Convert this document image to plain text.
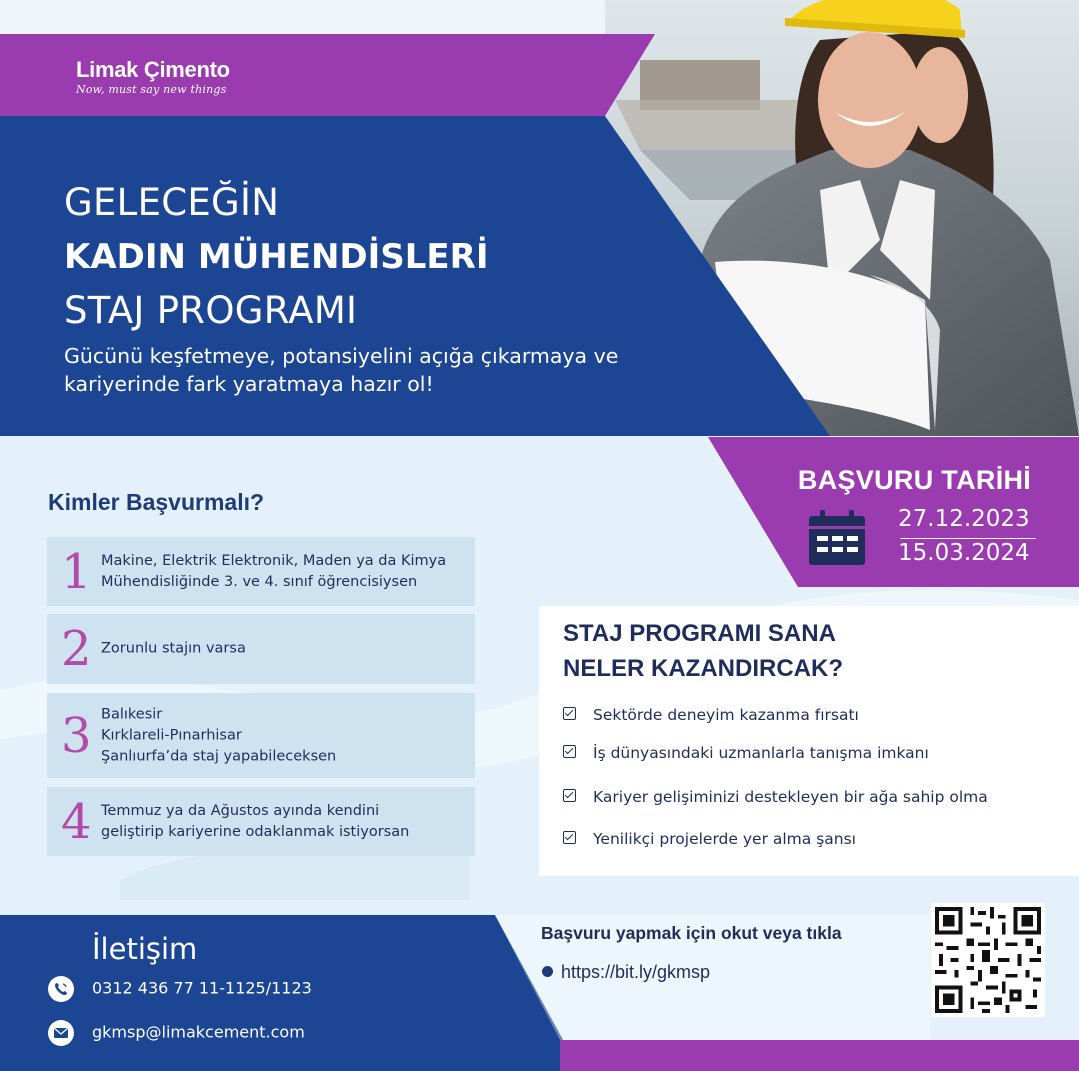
Limak Çimento
Now, must say new things
GELECEĞİN
KADIN MÜHENDİSLERİ
STAJ PROGRAMI
Gücünü keşfetmeye, potansiyelini açığa çıkarmaya ve kariyerinde fark yaratmaya hazır ol!
Kimler Başvurmalı?
1 Makine, Elektrik Elektronik, Maden ya da Kimya
Mühendisliğinde 3. ve 4. sınıf öğrencisiysen
2 Zorunlu stajın varsa
3 Balıkesir
Kırklareli-Pınarhisar
Şanlıurfa’da staj yapabileceksen
4 Temmuz ya da Ağustos ayında kendini
geliştirip kariyerine odaklanmak istiyorsan
BAŞVURU TARİHİ
27.12.2023
15.03.2024
STAJ PROGRAMI SANA
NELER KAZANDIRCAK?
Sektörde deneyim kazanma fırsatı
İş dünyasındaki uzmanlarla tanışma imkanı
Kariyer gelişiminizi destekleyen bir ağa sahip olma
Yenilikçi projelerde yer alma şansı
İletişim
0312 436 77 11-1125/1123
gkmsp@limakcement.com
Başvuru yapmak için okut veya tıkla
https://bit.ly/gkmsp
